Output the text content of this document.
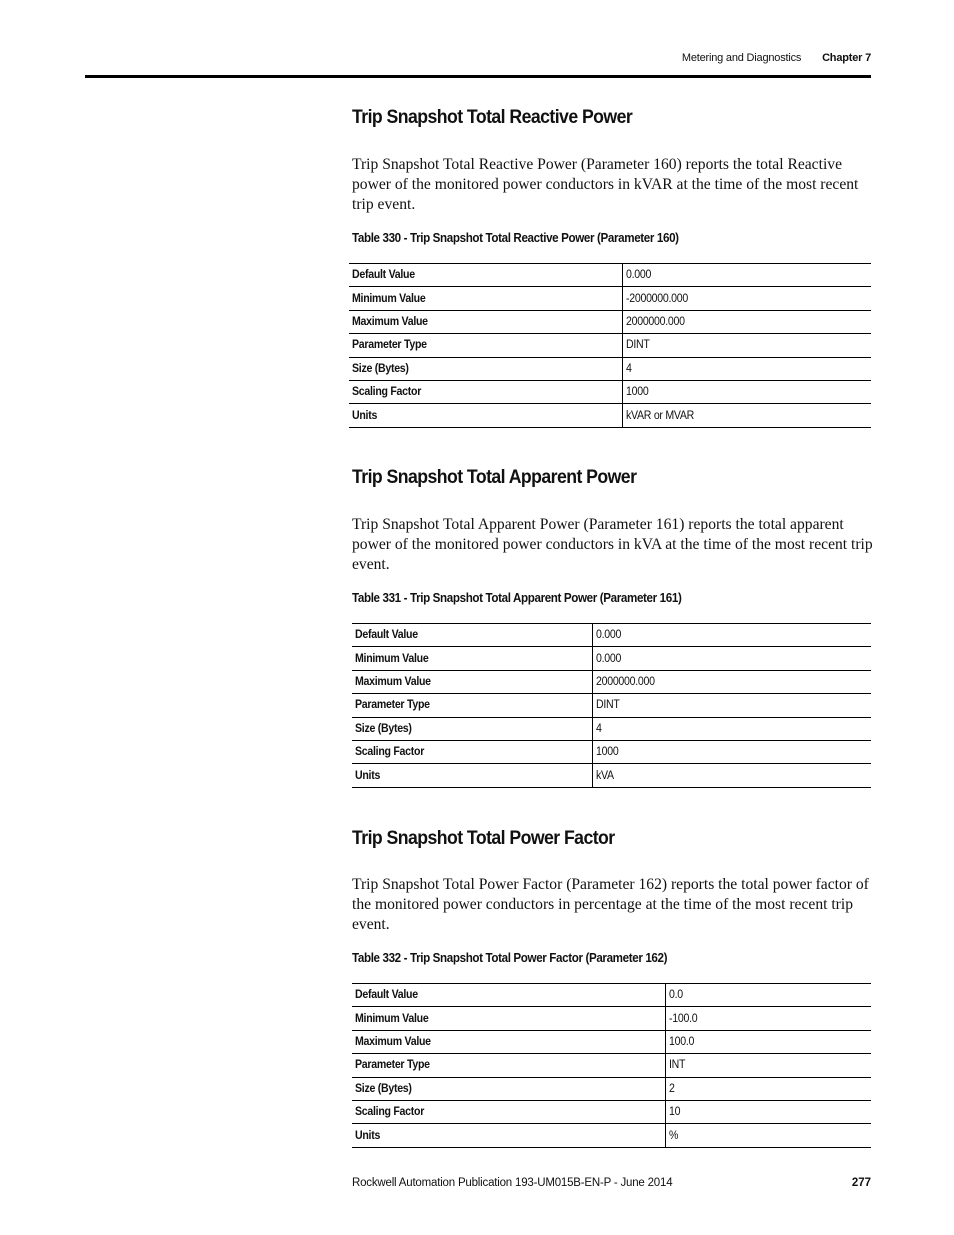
Metering and Diagnostics Chapter 7
Trip Snapshot Total Reactive Power

Trip Snapshot Total Reactive Power (Parameter 160) reports the total Reactive power of the monitored power conductors in kVAR at the time of the most recent trip event.

Table 330 - Trip Snapshot Total Reactive Power (Parameter 160)
Default Value	0.000
Minimum Value	-2000000.000
Maximum Value	2000000.000
Parameter Type	DINT
Size (Bytes)	4
Scaling Factor	1000
Units	kVAR or MVAR
Trip Snapshot Total Apparent Power

Trip Snapshot Total Apparent Power (Parameter 161) reports the total apparent power of the monitored power conductors in kVA at the time of the most recent trip event.

Table 331 - Trip Snapshot Total Apparent Power (Parameter 161)
Default Value	0.000
Minimum Value	0.000
Maximum Value	2000000.000
Parameter Type	DINT
Size (Bytes)	4
Scaling Factor	1000
Units	kVA
Trip Snapshot Total Power Factor

Trip Snapshot Total Power Factor (Parameter 162) reports the total power factor of the monitored power conductors in percentage at the time of the most recent trip event.

Table 332 - Trip Snapshot Total Power Factor (Parameter 162)
Default Value	0.0
Minimum Value	-100.0
Maximum Value	100.0
Parameter Type	INT
Size (Bytes)	2
Scaling Factor	10
Units	%
Rockwell Automation Publication 193-UM015B-EN-P - June 2014	277
